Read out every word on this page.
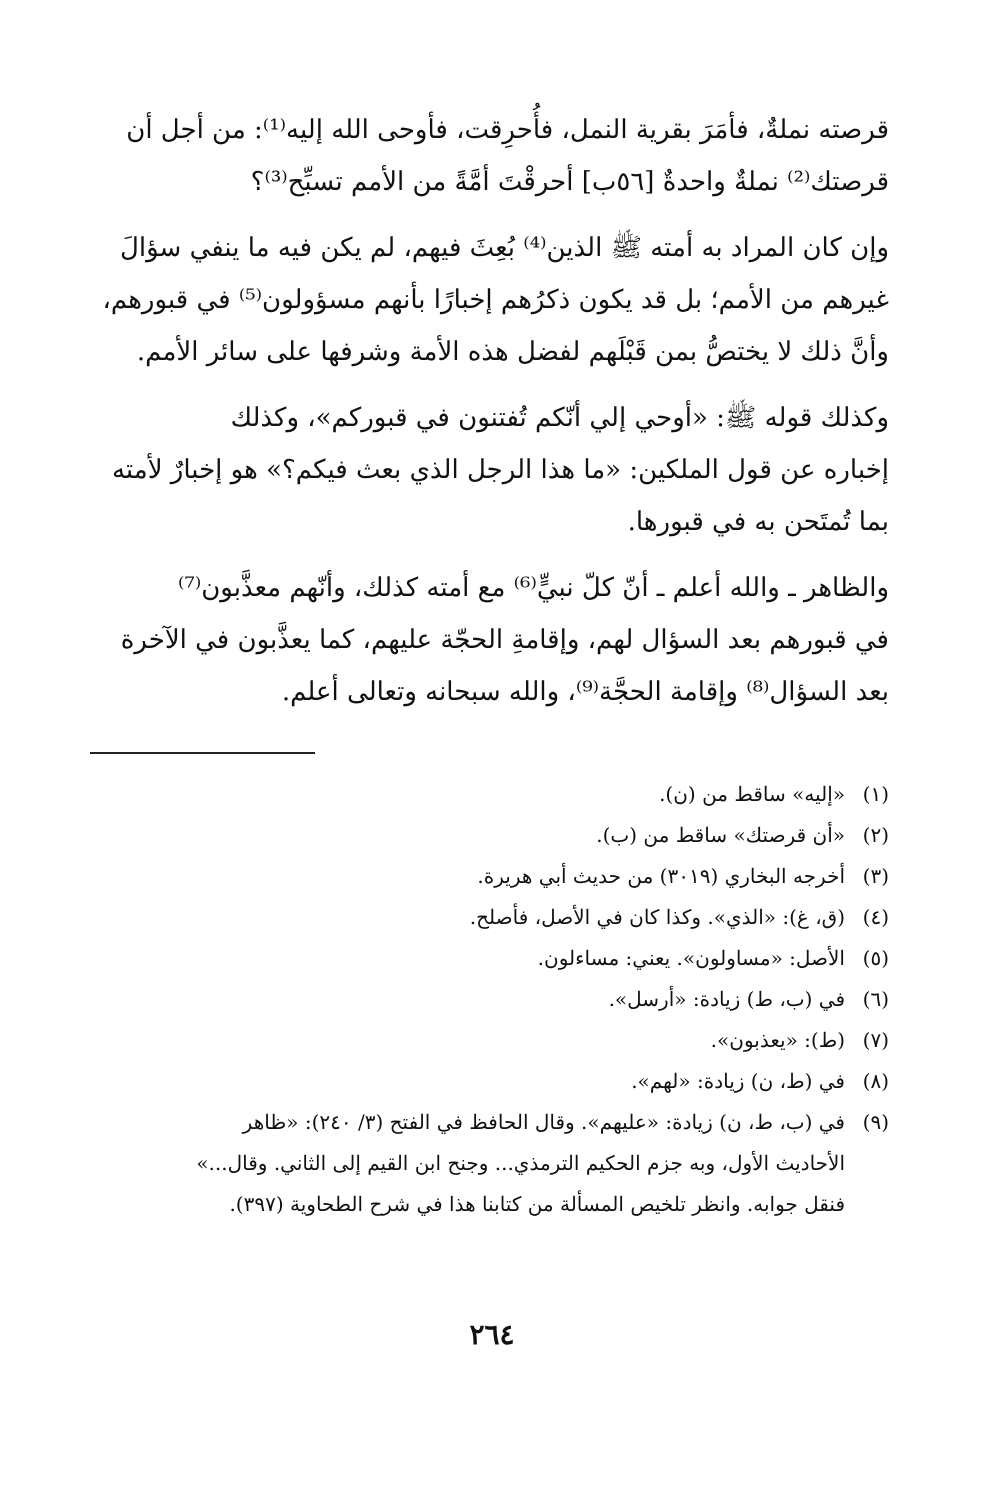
قرصته نملةٌ، فأمَرَ بقرية النمل، فأُحرِقت، فأوحى الله إليه⁽¹⁾: من أجل أن
قرصتك⁽²⁾ نملةٌ واحدةٌ [٥٦ب] أحرقْتَ أمَّةً من الأمم تسبِّح⁽³⁾؟

وإن كان المراد به أمته ﷺ الذين⁽⁴⁾ بُعِثَ فيهم، لم يكن فيه ما ينفي سؤالَ
غيرهم من الأمم؛ بل قد يكون ذكرُهم إخبارًا بأنهم مسؤولون⁽⁵⁾ في قبورهم،
وأنَّ ذلك لا يختصُّ بمن قَبْلَهم لفضل هذه الأمة وشرفها على سائر الأمم.

وكذلك قوله ﷺ: «أوحي إلي أنّكم تُفتنون في قبوركم»، وكذلك
إخباره عن قول الملكين: «ما هذا الرجل الذي بعث فيكم؟» هو إخبارٌ لأمته
بما تُمتَحن به في قبورها.

والظاهر ـ والله أعلم ـ أنّ كلّ نبيٍّ⁽⁶⁾ مع أمته كذلك، وأنّهم معذَّبون⁽⁷⁾
في قبورهم بعد السؤال لهم، وإقامةِ الحجّة عليهم، كما يعذَّبون في الآخرة
بعد السؤال⁽⁸⁾ وإقامة الحجَّة⁽⁹⁾، والله سبحانه وتعالى أعلم.

(١)
«إليه» ساقط من (ن).
(٢)
«أن قرصتك» ساقط من (ب).
(٣)
أخرجه البخاري (٣٠١٩) من حديث أبي هريرة.
(٤)
(ق، غ): «الذي». وكذا كان في الأصل، فأصلح.
(٥)
الأصل: «مساولون». يعني: مساءلون.
(٦)
في (ب، ط) زيادة: «أرسل».
(٧)
(ط): «يعذبون».
(٨)
في (ط، ن) زيادة: «لهم».
(٩)
في (ب، ط، ن) زيادة: «عليهم». وقال الحافظ في الفتح (٣/ ٢٤٠): «ظاهر
الأحاديث الأول، وبه جزم الحكيم الترمذي... وجنح ابن القيم إلى الثاني. وقال...»
فنقل جوابه. وانظر تلخيص المسألة من كتابنا هذا في شرح الطحاوية (٣٩٧).
٢٦٤
